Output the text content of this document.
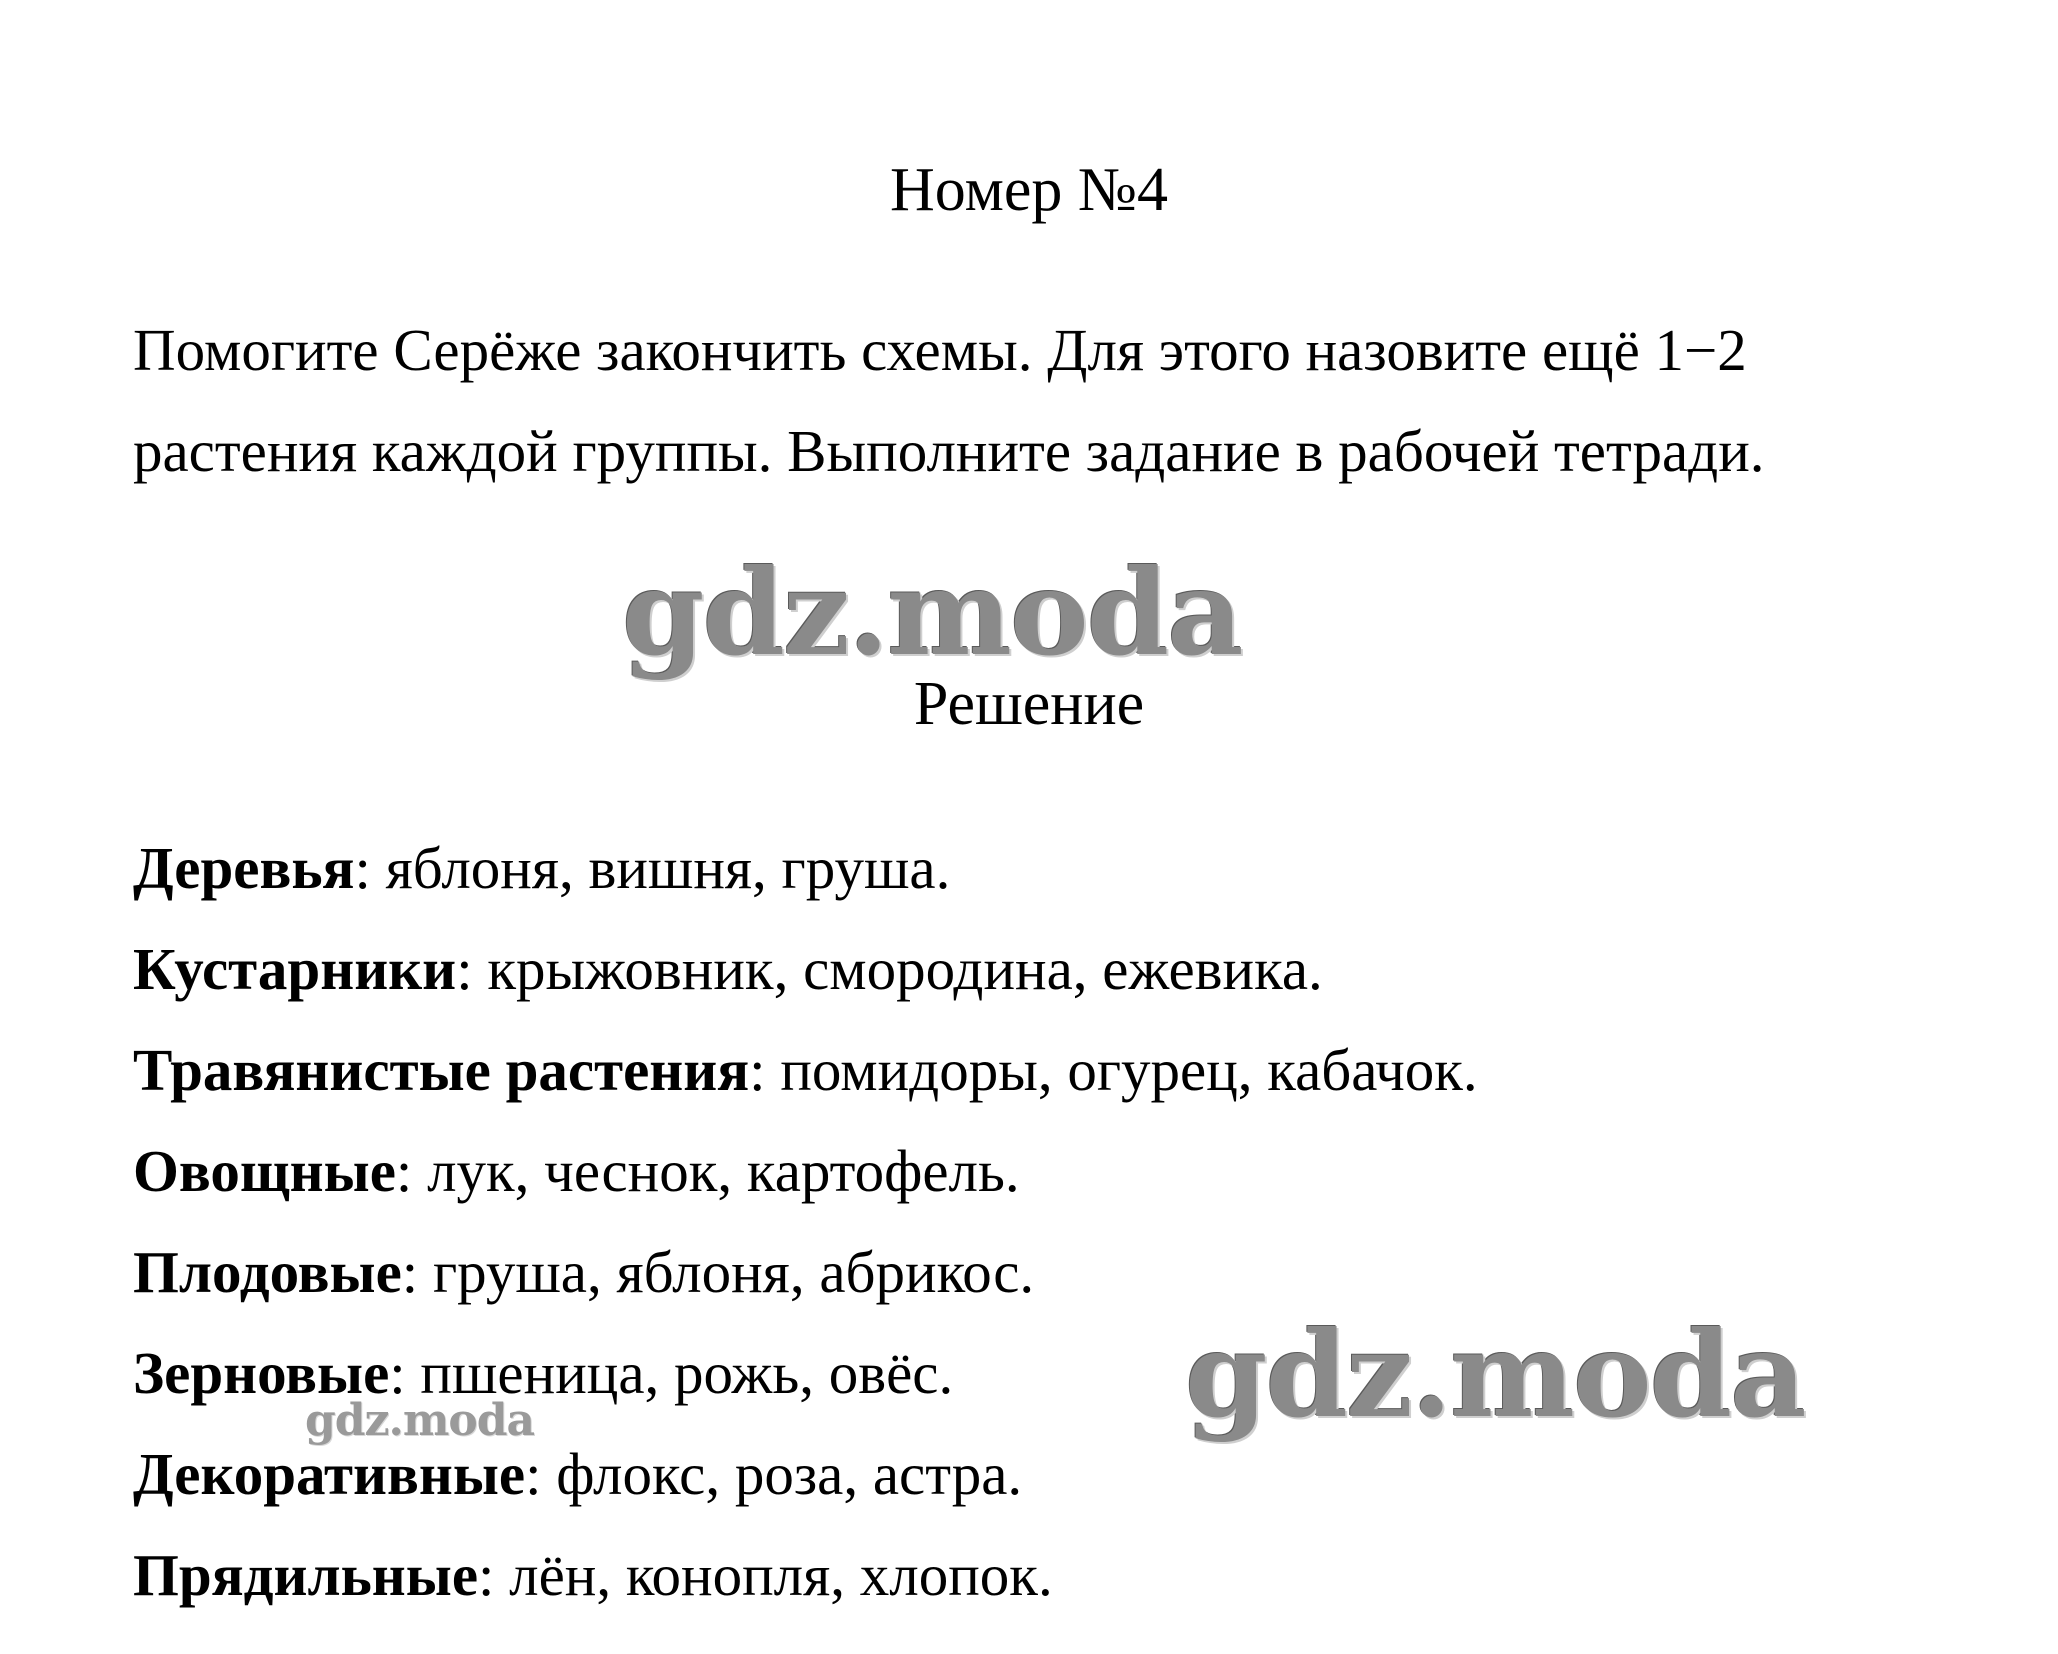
Номер №4

Помогите Серёже закончить схемы. Для этого назовите ещё 1−2 растения каждой группы. Выполните задание в рабочей тетради.

gdz.moda
Решение
Деревья: яблоня, вишня, груша.
Кустарники: крыжовник, смородина, ежевика.
Травянистые растения: помидоры, огурец, кабачок.
Овощные: лук, чеснок, картофель.
Плодовые: груша, яблоня, абрикос.
Зерновые: пшеница, рожь, овёс.
Декоративные: флокс, роза, астра.
Прядильные: лён, конопля, хлопок.
gdz.moda
gdz.moda
